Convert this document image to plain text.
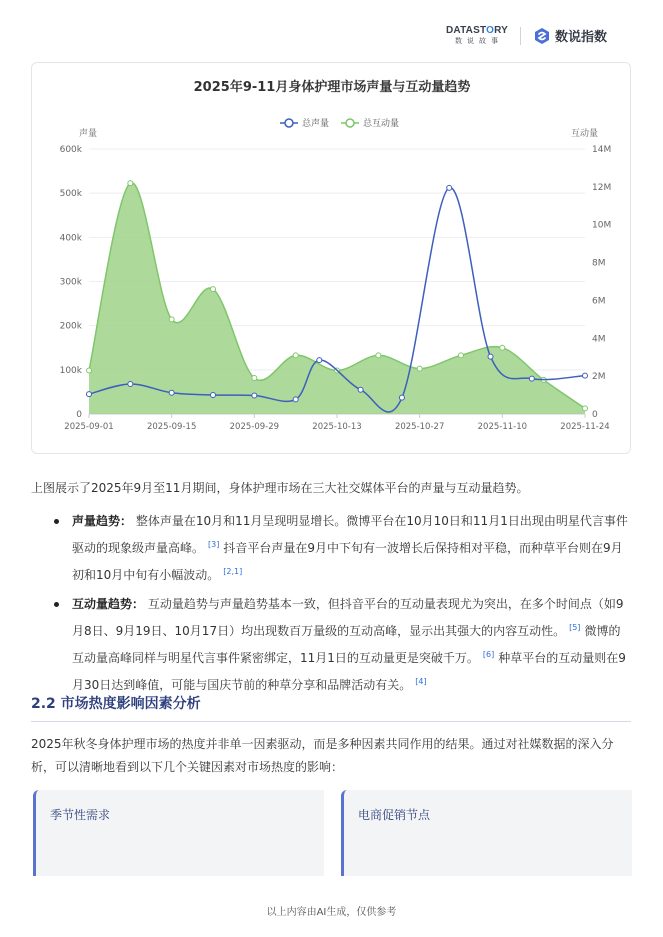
DATASTORY
数说故事	数说指数
2025年9-11月身体护理市场声量与互动量趋势
总声量	总互动量
声量	互动量
0
100k
200k
300k
400k
500k
600k
0
2M
4M
6M
8M
10M
12M
14M
2025-09-01	2025-09-15	2025-09-29	2025-10-13	2025-10-27	2025-11-10	2025-11-24
上图展示了2025年9月至11月期间，身体护理市场在三大社交媒体平台的声量与互动量趋势。
声量趋势： 整体声量在10月和11月呈现明显增长。微博平台在10月10日和11月1日出现由明星代言事件驱动的现象级声量高峰。 [3] 抖音平台声量在9月中下旬有一波增长后保持相对平稳，而种草平台则在9月初和10月中旬有小幅波动。 [2,1]
互动量趋势： 互动量趋势与声量趋势基本一致，但抖音平台的互动量表现尤为突出，在多个时间点（如9月8日、9月19日、10月17日）均出现数百万量级的互动高峰，显示出其强大的内容互动性。 [5] 微博的互动量高峰同样与明星代言事件紧密绑定，11月1日的互动量更是突破千万。 [6] 种草平台的互动量则在9月30日达到峰值，可能与国庆节前的种草分享和品牌活动有关。 [4]
2.2 市场热度影响因素分析
2025年秋冬身体护理市场的热度并非单一因素驱动，而是多种因素共同作用的结果。通过对社媒数据的深入分析，可以清晰地看到以下几个关键因素对市场热度的影响：
季节性需求	电商促销节点
以上内容由AI生成，仅供参考
